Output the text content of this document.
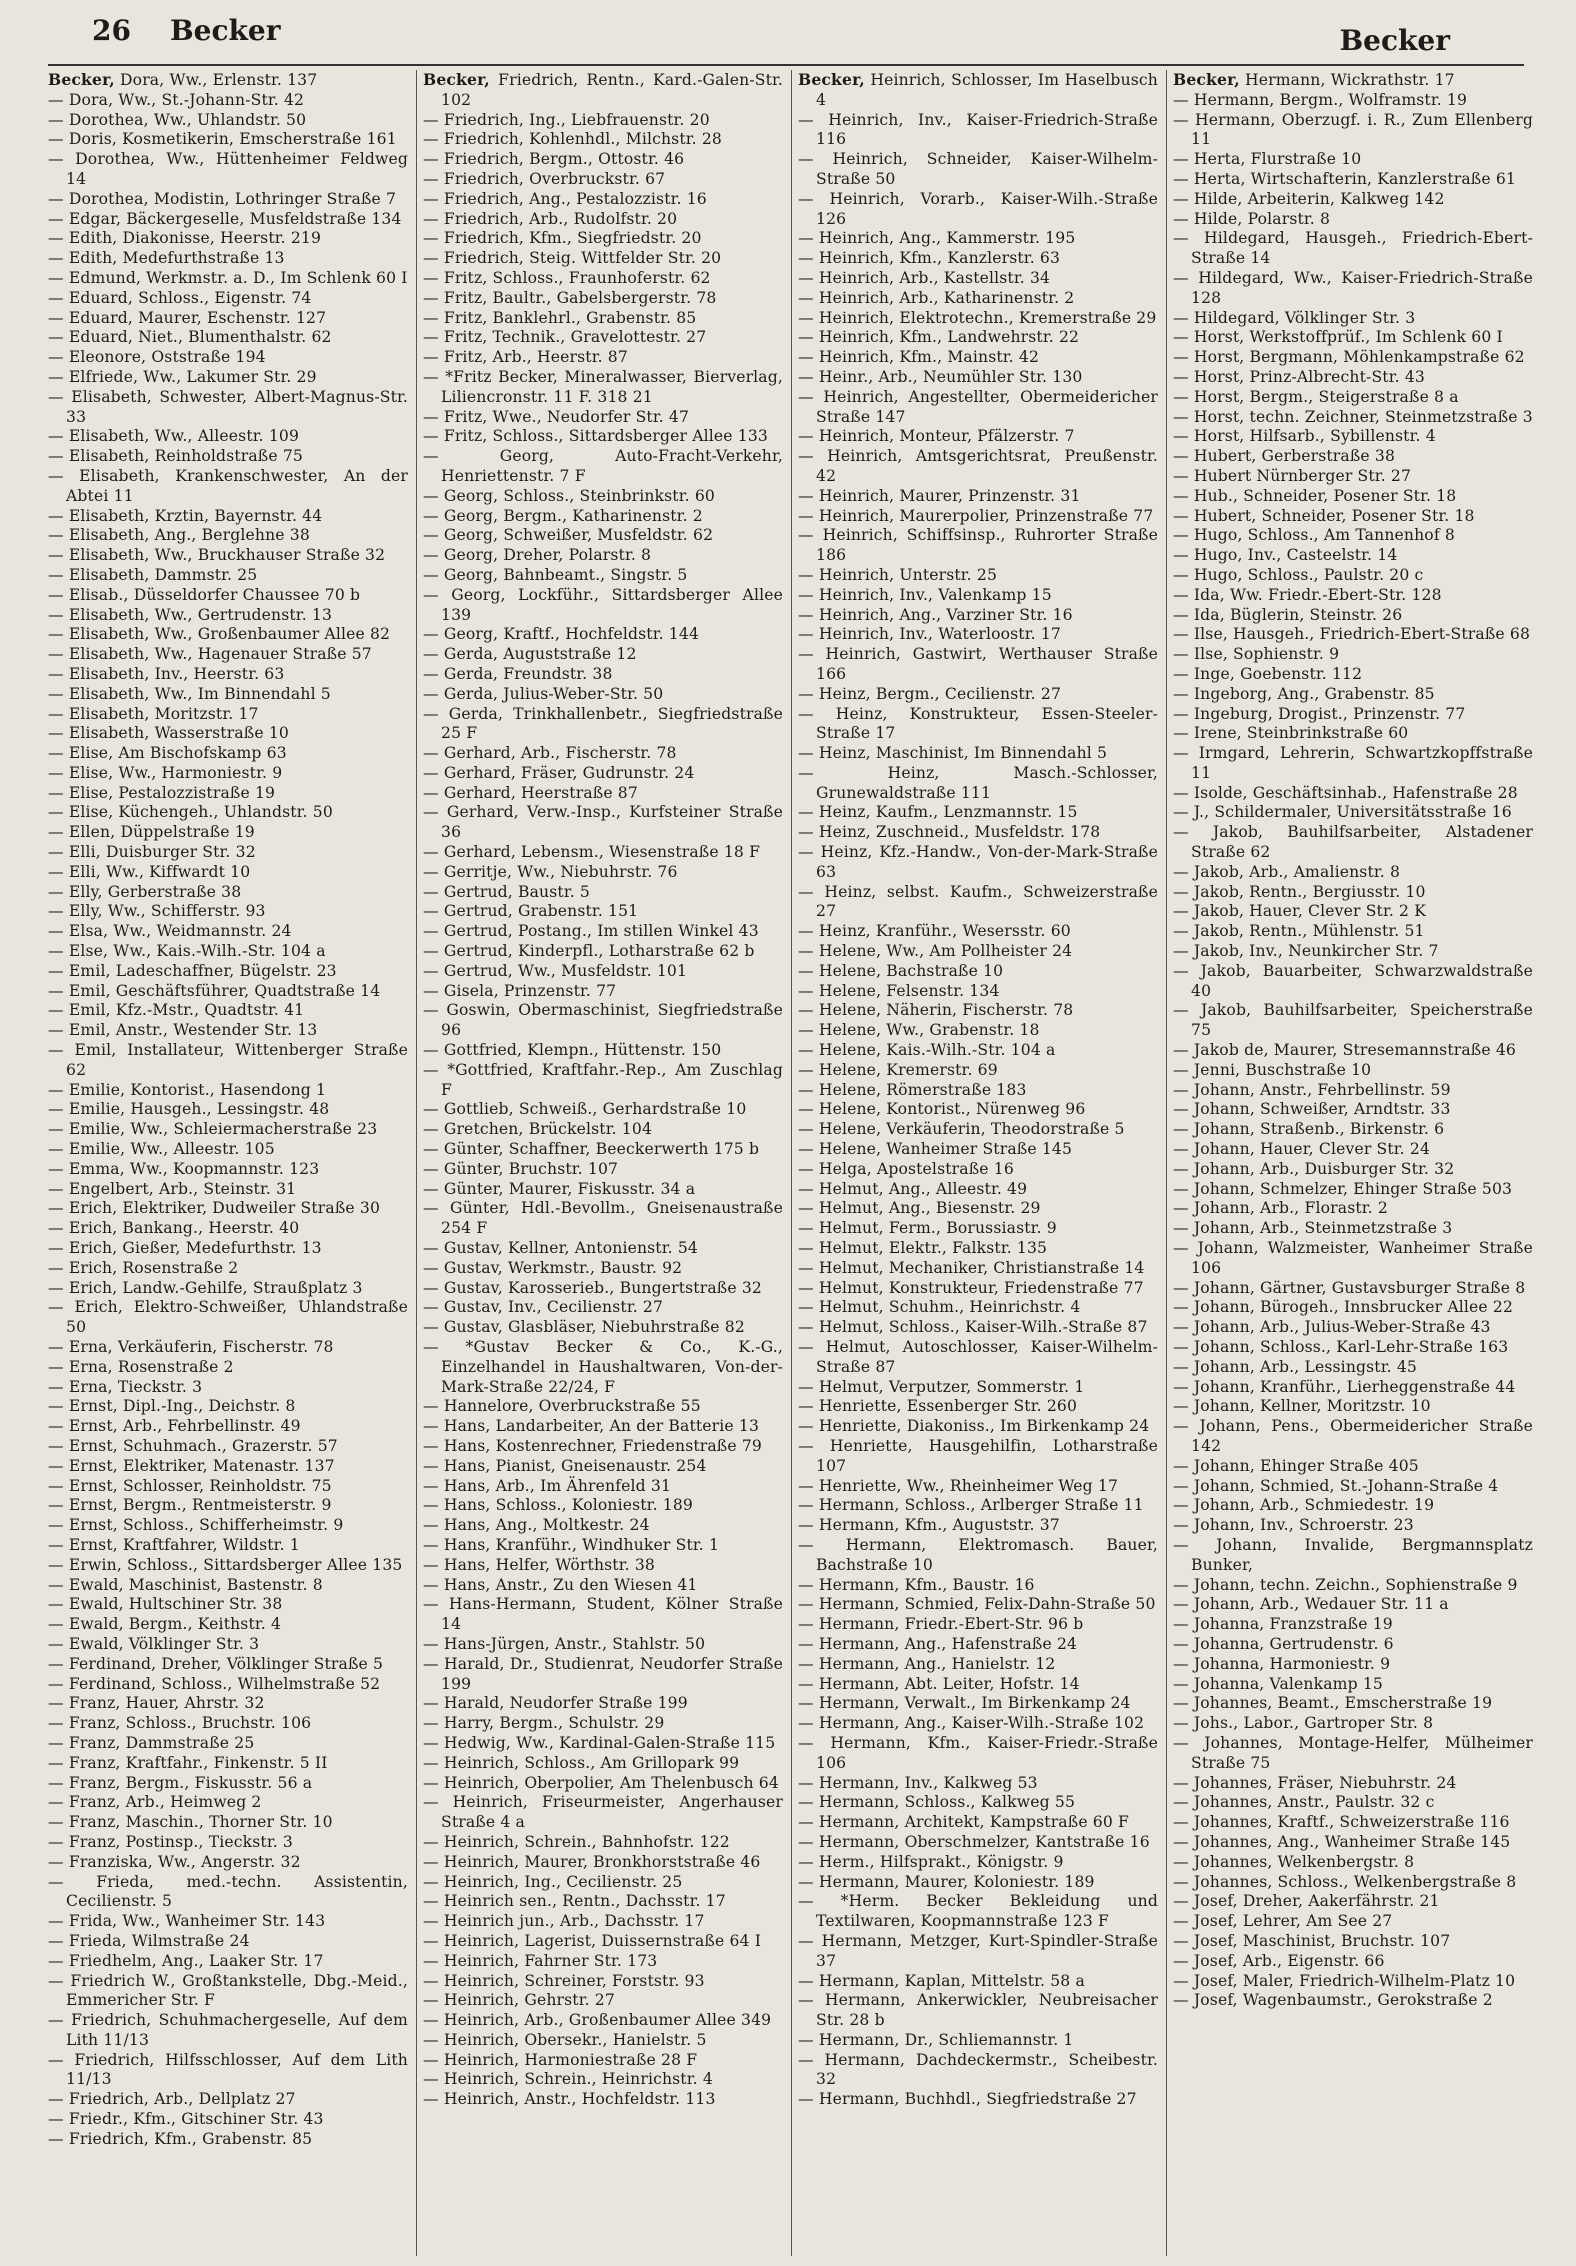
26 Becker	Becker

Becker, Dora, Ww., Erlenstr. 137

— Dora, Ww., St.-Johann-Str. 42

— Dorothea, Ww., Uhlandstr. 50

— Doris, Kosmetikerin, Emscherstraße 161

— Dorothea, Ww., Hüttenheimer Feldweg 14

— Dorothea, Modistin, Lothringer Straße 7

— Edgar, Bäckergeselle, Musfeldstraße 134

— Edith, Diakonisse, Heerstr. 219

— Edith, Medefurthstraße 13

— Edmund, Werkmstr. a. D., Im Schlenk 60 I

— Eduard, Schloss., Eigenstr. 74

— Eduard, Maurer, Eschenstr. 127

— Eduard, Niet., Blumenthalstr. 62

— Eleonore, Oststraße 194

— Elfriede, Ww., Lakumer Str. 29

— Elisabeth, Schwester, Albert-Magnus-Str. 33

— Elisabeth, Ww., Alleestr. 109

— Elisabeth, Reinholdstraße 75

— Elisabeth, Krankenschwester, An der Abtei 11

— Elisabeth, Krztin, Bayernstr. 44

— Elisabeth, Ang., Berglehne 38

— Elisabeth, Ww., Bruckhauser Straße 32

— Elisabeth, Dammstr. 25

— Elisab., Düsseldorfer Chaussee 70 b

— Elisabeth, Ww., Gertrudenstr. 13

— Elisabeth, Ww., Großenbaumer Allee 82

— Elisabeth, Ww., Hagenauer Straße 57

— Elisabeth, Inv., Heerstr. 63

— Elisabeth, Ww., Im Binnendahl 5

— Elisabeth, Moritzstr. 17

— Elisabeth, Wasserstraße 10

— Elise, Am Bischofskamp 63

— Elise, Ww., Harmoniestr. 9

— Elise, Pestalozzistraße 19

— Elise, Küchengeh., Uhlandstr. 50

— Ellen, Düppelstraße 19

— Elli, Duisburger Str. 32

— Elli, Ww., Kiffwardt 10

— Elly, Gerberstraße 38

— Elly, Ww., Schifferstr. 93

— Elsa, Ww., Weidmannstr. 24

— Else, Ww., Kais.-Wilh.-Str. 104 a

— Emil, Ladeschaffner, Bügelstr. 23

— Emil, Geschäftsführer, Quadtstraße 14

— Emil, Kfz.-Mstr., Quadtstr. 41

— Emil, Anstr., Westender Str. 13

— Emil, Installateur, Wittenberger Straße 62

— Emilie, Kontorist., Hasendong 1

— Emilie, Hausgeh., Lessingstr. 48

— Emilie, Ww., Schleiermacherstraße 23

— Emilie, Ww., Alleestr. 105

— Emma, Ww., Koopmannstr. 123

— Engelbert, Arb., Steinstr. 31

— Erich, Elektriker, Dudweiler Straße 30

— Erich, Bankang., Heerstr. 40

— Erich, Gießer, Medefurthstr. 13

— Erich, Rosenstraße 2

— Erich, Landw.-Gehilfe, Straußplatz 3

— Erich, Elektro-Schweißer, Uhlandstraße 50

— Erna, Verkäuferin, Fischerstr. 78

— Erna, Rosenstraße 2

— Erna, Tieckstr. 3

— Ernst, Dipl.-Ing., Deichstr. 8

— Ernst, Arb., Fehrbellinstr. 49

— Ernst, Schuhmach., Grazerstr. 57

— Ernst, Elektriker, Matenastr. 137

— Ernst, Schlosser, Reinholdstr. 75

— Ernst, Bergm., Rentmeisterstr. 9

— Ernst, Schloss., Schifferheimstr. 9

— Ernst, Kraftfahrer, Wildstr. 1

— Erwin, Schloss., Sittardsberger Allee 135

— Ewald, Maschinist, Bastenstr. 8

— Ewald, Hultschiner Str. 38

— Ewald, Bergm., Keithstr. 4

— Ewald, Völklinger Str. 3

— Ferdinand, Dreher, Völklinger Straße 5

— Ferdinand, Schloss., Wilhelmstraße 52

— Franz, Hauer, Ahrstr. 32

— Franz, Schloss., Bruchstr. 106

— Franz, Dammstraße 25

— Franz, Kraftfahr., Finkenstr. 5 II

— Franz, Bergm., Fiskusstr. 56 a

— Franz, Arb., Heimweg 2

— Franz, Maschin., Thorner Str. 10

— Franz, Postinsp., Tieckstr. 3

— Franziska, Ww., Angerstr. 32

— Frieda, med.-techn. Assistentin, Cecilienstr. 5

— Frida, Ww., Wanheimer Str. 143

— Frieda, Wilmstraße 24

— Friedhelm, Ang., Laaker Str. 17

— Friedrich W., Großtankstelle, Dbg.-Meid., Emmericher Str. F

— Friedrich, Schuhmachergeselle, Auf dem Lith 11/13

— Friedrich, Hilfsschlosser, Auf dem Lith 11/13

— Friedrich, Arb., Dellplatz 27

— Friedr., Kfm., Gitschiner Str. 43

— Friedrich, Kfm., Grabenstr. 85

Becker, Friedrich, Rentn., Kard.-Galen-Str. 102

— Friedrich, Ing., Liebfrauenstr. 20

— Friedrich, Kohlenhdl., Milchstr. 28

— Friedrich, Bergm., Ottostr. 46

— Friedrich, Overbruckstr. 67

— Friedrich, Ang., Pestalozzistr. 16

— Friedrich, Arb., Rudolfstr. 20

— Friedrich, Kfm., Siegfriedstr. 20

— Friedrich, Steig. Wittfelder Str. 20

— Fritz, Schloss., Fraunhoferstr. 62

— Fritz, Baultr., Gabelsbergerstr. 78

— Fritz, Banklehrl., Grabenstr. 85

— Fritz, Technik., Gravelottestr. 27

— Fritz, Arb., Heerstr. 87

— *Fritz Becker, Mineralwasser, Bierverlag, Liliencronstr. 11 F. 318 21

— Fritz, Wwe., Neudorfer Str. 47

— Fritz, Schloss., Sittardsberger Allee 133

— Georg, Auto-Fracht-Verkehr, Henriettenstr. 7 F

— Georg, Schloss., Steinbrinkstr. 60

— Georg, Bergm., Katharinenstr. 2

— Georg, Schweißer, Musfeldstr. 62

— Georg, Dreher, Polarstr. 8

— Georg, Bahnbeamt., Singstr. 5

— Georg, Lockführ., Sittardsberger Allee 139

— Georg, Kraftf., Hochfeldstr. 144

— Gerda, Auguststraße 12

— Gerda, Freundstr. 38

— Gerda, Julius-Weber-Str. 50

— Gerda, Trinkhallenbetr., Siegfriedstraße 25 F

— Gerhard, Arb., Fischerstr. 78

— Gerhard, Fräser, Gudrunstr. 24

— Gerhard, Heerstraße 87

— Gerhard, Verw.-Insp., Kurfsteiner Straße 36

— Gerhard, Lebensm., Wiesenstraße 18 F

— Gerritje, Ww., Niebuhrstr. 76

— Gertrud, Baustr. 5

— Gertrud, Grabenstr. 151

— Gertrud, Postang., Im stillen Winkel 43

— Gertrud, Kinderpfl., Lotharstraße 62 b

— Gertrud, Ww., Musfeldstr. 101

— Gisela, Prinzenstr. 77

— Goswin, Obermaschinist, Siegfriedstraße 96

— Gottfried, Klempn., Hüttenstr. 150

— *Gottfried, Kraftfahr.-Rep., Am Zuschlag F

— Gottlieb, Schweiß., Gerhardstraße 10

— Gretchen, Brückelstr. 104

— Günter, Schaffner, Beeckerwerth 175 b

— Günter, Bruchstr. 107

— Günter, Maurer, Fiskusstr. 34 a

— Günter, Hdl.-Bevollm., Gneisenaustraße 254 F

— Gustav, Kellner, Antonienstr. 54

— Gustav, Werkmstr., Baustr. 92

— Gustav, Karosseriеb., Bungertstraße 32

— Gustav, Inv., Cecilienstr. 27

— Gustav, Glasbläser, Niebuhrstraße 82

— *Gustav Becker & Co., K.-G., Einzelhandel in Haushaltwaren, Von-der-Mark-Straße 22/24, F

— Hannelore, Overbruckstraße 55

— Hans, Landarbeiter, An der Batterie 13

— Hans, Kostenrechner, Friedenstraße 79

— Hans, Pianist, Gneisenaustr. 254

— Hans, Arb., Im Ährenfeld 31

— Hans, Schloss., Koloniestr. 189

— Hans, Ang., Moltkestr. 24

— Hans, Kranführ., Windhuker Str. 1

— Hans, Helfer, Wörthstr. 38

— Hans, Anstr., Zu den Wiesen 41

— Hans-Hermann, Student, Kölner Straße 14

— Hans-Jürgen, Anstr., Stahlstr. 50

— Harald, Dr., Studienrat, Neudorfer Straße 199

— Harald, Neudorfer Straße 199

— Harry, Bergm., Schulstr. 29

— Hedwig, Ww., Kardinal-Galen-Straße 115

— Heinrich, Schloss., Am Grillopark 99

— Heinrich, Oberpolier, Am Thelenbusch 64

— Heinrich, Friseurmeister, Angerhauser Straße 4 a

— Heinrich, Schrein., Bahnhofstr. 122

— Heinrich, Maurer, Bronkhorststraße 46

— Heinrich, Ing., Cecilienstr. 25

— Heinrich sen., Rentn., Dachsstr. 17

— Heinrich jun., Arb., Dachsstr. 17

— Heinrich, Lagerist, Duissernstraße 64 I

— Heinrich, Fahrner Str. 173

— Heinrich, Schreiner, Forststr. 93

— Heinrich, Gehrstr. 27

— Heinrich, Arb., Großenbaumer Allee 349

— Heinrich, Obersekr., Hanielstr. 5

— Heinrich, Harmoniestraße 28 F

— Heinrich, Schrein., Heinrichstr. 4

— Heinrich, Anstr., Hochfeldstr. 113

Becker, Heinrich, Schlosser, Im Haselbusch 4

— Heinrich, Inv., Kaiser-Friedrich-Straße 116

— Heinrich, Schneider, Kaiser-Wilhelm-Straße 50

— Heinrich, Vorarb., Kaiser-Wilh.-Straße 126

— Heinrich, Ang., Kammerstr. 195

— Heinrich, Kfm., Kanzlerstr. 63

— Heinrich, Arb., Kastellstr. 34

— Heinrich, Arb., Katharinenstr. 2

— Heinrich, Elektrotechn., Kremerstraße 29

— Heinrich, Kfm., Landwehrstr. 22

— Heinrich, Kfm., Mainstr. 42

— Heinr., Arb., Neumühler Str. 130

— Heinrich, Angestellter, Obermeidericher Straße 147

— Heinrich, Monteur, Pfälzerstr. 7

— Heinrich, Amtsgerichtsrat, Preußenstr. 42

— Heinrich, Maurer, Prinzenstr. 31

— Heinrich, Maurerpolier, Prinzenstraße 77

— Heinrich, Schiffsinsp., Ruhrorter Straße 186

— Heinrich, Unterstr. 25

— Heinrich, Inv., Valenkamp 15

— Heinrich, Ang., Varziner Str. 16

— Heinrich, Inv., Waterloostr. 17

— Heinrich, Gastwirt, Werthauser Straße 166

— Heinz, Bergm., Cecilienstr. 27

— Heinz, Konstrukteur, Essen-Steeler-Straße 17

— Heinz, Maschinist, Im Binnendahl 5

— Heinz, Masch.-Schlosser, Grunewaldstraße 111

— Heinz, Kaufm., Lenzmannstr. 15

— Heinz, Zuschneid., Musfeldstr. 178

— Heinz, Kfz.-Handw., Von-der-Mark-Straße 63

— Heinz, selbst. Kaufm., Schweizerstraße 27

— Heinz, Kranführ., Wesersstr. 60

— Helene, Ww., Am Pollheister 24

— Helene, Bachstraße 10

— Helene, Felsenstr. 134

— Helene, Näherin, Fischerstr. 78

— Helene, Ww., Grabenstr. 18

— Helene, Kais.-Wilh.-Str. 104 a

— Helene, Kremerstr. 69

— Helene, Römerstraße 183

— Helene, Kontorist., Nürenweg 96

— Helene, Verkäuferin, Theodorstraße 5

— Helene, Wanheimer Straße 145

— Helga, Apostelstraße 16

— Helmut, Ang., Alleestr. 49

— Helmut, Ang., Biesenstr. 29

— Helmut, Ferm., Borussiastr. 9

— Helmut, Elektr., Falkstr. 135

— Helmut, Mechaniker, Christianstraße 14

— Helmut, Konstrukteur, Friedenstraße 77

— Helmut, Schuhm., Heinrichstr. 4

— Helmut, Schloss., Kaiser-Wilh.-Straße 87

— Helmut, Autoschlosser, Kaiser-Wilhelm-Straße 87

— Helmut, Verputzer, Sommerstr. 1

— Henriette, Essenberger Str. 260

— Henriette, Diakoniss., Im Birkenkamp 24

— Henriette, Hausgehilfin, Lotharstraße 107

— Henriette, Ww., Rheinheimer Weg 17

— Hermann, Schloss., Arlberger Straße 11

— Hermann, Kfm., Auguststr. 37

— Hermann, Elektromasch. Bauer, Bachstraße 10

— Hermann, Kfm., Baustr. 16

— Hermann, Schmied, Felix-Dahn-Straße 50

— Hermann, Friedr.-Ebert-Str. 96 b

— Hermann, Ang., Hafenstraße 24

— Hermann, Ang., Hanielstr. 12

— Hermann, Abt. Leiter, Hofstr. 14

— Hermann, Verwalt., Im Birkenkamp 24

— Hermann, Ang., Kaiser-Wilh.-Straße 102

— Hermann, Kfm., Kaiser-Friedr.-Straße 106

— Hermann, Inv., Kalkweg 53

— Hermann, Schloss., Kalkweg 55

— Hermann, Architekt, Kampstraße 60 F

— Hermann, Oberschmelzer, Kantstraße 16

— Herm., Hilfsprakt., Königstr. 9

— Hermann, Maurer, Koloniestr. 189

— *Herm. Becker Bekleidung und Textilwaren, Koopmannstraße 123 F

— Hermann, Metzger, Kurt-Spindler-Straße 37

— Hermann, Kaplan, Mittelstr. 58 a

— Hermann, Ankerwickler, Neubreisacher Str. 28 b

— Hermann, Dr., Schliemannstr. 1

— Hermann, Dachdeckermstr., Scheibestr. 32

— Hermann, Buchhdl., Siegfriedstraße 27

Becker, Hermann, Wickrathstr. 17

— Hermann, Bergm., Wolframstr. 19

— Hermann, Oberzugf. i. R., Zum Ellenberg 11

— Herta, Flurstraße 10

— Herta, Wirtschafterin, Kanzlerstraße 61

— Hilde, Arbeiterin, Kalkweg 142

— Hilde, Polarstr. 8

— Hildegard, Hausgeh., Friedrich-Ebert-Straße 14

— Hildegard, Ww., Kaiser-Friedrich-Straße 128

— Hildegard, Völklinger Str. 3

— Horst, Werkstoffprüf., Im Schlenk 60 I

— Horst, Bergmann, Möhlenkampstraße 62

— Horst, Prinz-Albrecht-Str. 43

— Horst, Bergm., Steigerstraße 8 a

— Horst, techn. Zeichner, Steinmetzstraße 3

— Horst, Hilfsarb., Sybillenstr. 4

— Hubert, Gerberstraße 38

— Hubert Nürnberger Str. 27

— Hub., Schneider, Posener Str. 18

— Hubert, Schneider, Posener Str. 18

— Hugo, Schloss., Am Tannenhof 8

— Hugo, Inv., Casteelstr. 14

— Hugo, Schloss., Paulstr. 20 c

— Ida, Ww. Friedr.-Ebert-Str. 128

— Ida, Büglerin, Steinstr. 26

— Ilse, Hausgeh., Friedrich-Ebert-Straße 68

— Ilse, Sophienstr. 9

— Inge, Goebenstr. 112

— Ingeborg, Ang., Grabenstr. 85

— Ingeburg, Drogist., Prinzenstr. 77

— Irene, Steinbrinkstraße 60

— Irmgard, Lehrerin, Schwartzkopffstraße 11

— Isolde, Geschäftsinhab., Hafenstraße 28

— J., Schildermaler, Universitätsstraße 16

— Jakob, Bauhilfsarbeiter, Alstadener Straße 62

— Jakob, Arb., Amalienstr. 8

— Jakob, Rentn., Bergiusstr. 10

— Jakob, Hauer, Clever Str. 2 K

— Jakob, Rentn., Mühlenstr. 51

— Jakob, Inv., Neunkircher Str. 7

— Jakob, Bauarbeiter, Schwarzwaldstraße 40

— Jakob, Bauhilfsarbeiter, Speicherstraße 75

— Jakob de, Maurer, Stresemannstraße 46

— Jenni, Buschstraße 10

— Johann, Anstr., Fehrbellinstr. 59

— Johann, Schweißer, Arndtstr. 33

— Johann, Straßenb., Birkenstr. 6

— Johann, Hauer, Clever Str. 24

— Johann, Arb., Duisburger Str. 32

— Johann, Schmelzer, Ehinger Straße 503

— Johann, Arb., Florastr. 2

— Johann, Arb., Steinmetzstraße 3

— Johann, Walzmeister, Wanheimer Straße 106

— Johann, Gärtner, Gustavsburger Straße 8

— Johann, Bürogeh., Innsbrucker Allee 22

— Johann, Arb., Julius-Weber-Straße 43

— Johann, Schloss., Karl-Lehr-Straße 163

— Johann, Arb., Lessingstr. 45

— Johann, Kranführ., Lierheggenstraße 44

— Johann, Kellner, Moritzstr. 10

— Johann, Pens., Obermeidericher Straße 142

— Johann, Ehinger Straße 405

— Johann, Schmied, St.-Johann-Straße 4

— Johann, Arb., Schmiedestr. 19

— Johann, Inv., Schroerstr. 23

— Johann, Invalide, Bergmannsplatz Bunker,

— Johann, techn. Zeichn., Sophienstraße 9

— Johann, Arb., Wedauer Str. 11 a

— Johanna, Franzstraße 19

— Johanna, Gertrudenstr. 6

— Johanna, Harmoniestr. 9

— Johanna, Valenkamp 15

— Johannes, Beamt., Emscherstraße 19

— Johs., Labor., Gartroper Str. 8

— Johannes, Montage-Helfer, Mülheimer Straße 75

— Johannes, Fräser, Niebuhrstr. 24

— Johannes, Anstr., Paulstr. 32 c

— Johannes, Kraftf., Schweizerstraße 116

— Johannes, Ang., Wanheimer Straße 145

— Johannes, Welkenbergstr. 8

— Johannes, Schloss., Welkenbergstraße 8

— Josef, Dreher, Aakerfährstr. 21

— Josef, Lehrer, Am See 27

— Josef, Maschinist, Bruchstr. 107

— Josef, Arb., Eigenstr. 66

— Josef, Maler, Friedrich-Wilhelm-Platz 10

— Josef, Wagenbaumstr., Gerokstraße 2
